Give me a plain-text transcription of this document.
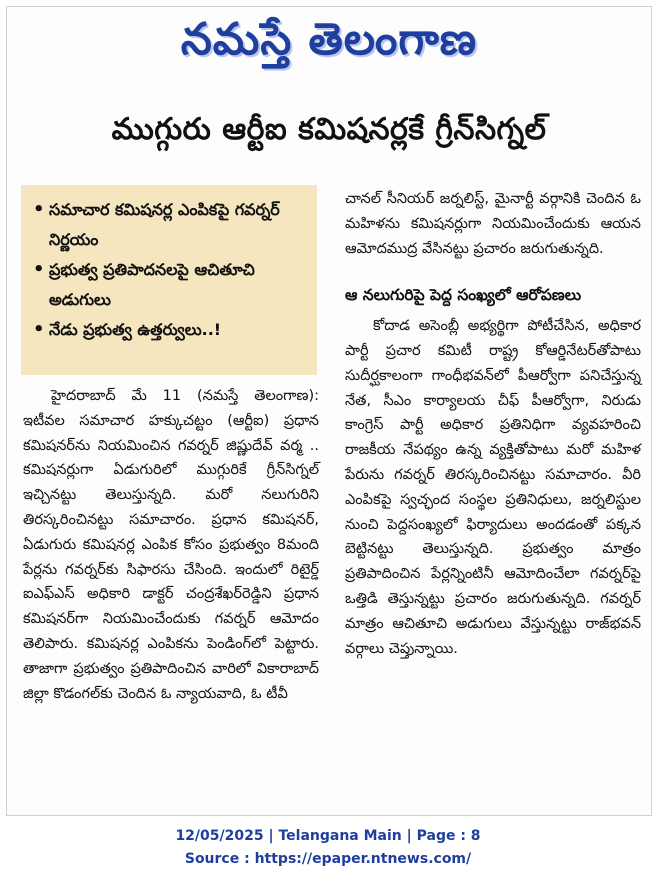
నమస్తే తెలంగాణ
ముగ్గురు ఆర్టీఐ కమిషనర్లకే గ్రీన్‌సిగ్నల్
• సమాచార కమిషనర్ల ఎంపికపై గవర్నర్ నిర్ణయం
• ప్రభుత్వ ప్రతిపాదనలపై ఆచితూచి అడుగులు
• నేడు ప్రభుత్వ ఉత్తర్వులు..!

హైదరాబాద్ మే 11 (నమస్తే తెలంగాణ): ఇటీవల సమాచార హక్కుచట్టం (ఆర్టీఐ) ప్రధాన కమిషనర్‌ను నియమించిన గవర్నర్ జిష్ణుదేవ్ వర్మ .. కమిషనర్లుగా ఏడుగురిలో ముగ్గురికే గ్రీన్‌సిగ్నల్ ఇచ్చినట్టు తెలుస్తున్నది. మరో నలుగురిని తిరస్కరించినట్టు సమాచారం. ప్రధాన కమిషనర్, ఏడుగురు కమిషనర్ల ఎంపిక కోసం ప్రభుత్వం 8మంది పేర్లను గవర్నర్‌కు సిఫారసు చేసింది. ఇందులో రిటైర్డ్ ఐఎఫ్‌ఎస్ అధికారి డాక్టర్ చంద్రశేఖర్‌రెడ్డిని ప్రధాన కమిషనర్‌గా నియమించేందుకు గవర్నర్ ఆమోదం తెలిపారు. కమిషనర్ల ఎంపికను పెండింగ్‌లో పెట్టారు. తాజాగా ప్రభుత్వం ప్రతిపాదించిన వారిలో వికారాబాద్ జిల్లా కొడంగల్‌కు చెందిన ఓ న్యాయవాది, ఓ టీవీ

చానల్ సీనియర్ జర్నలిస్ట్, మైనార్టీ వర్గానికి చెందిన ఓ మహిళను కమిషనర్లుగా నియమించేందుకు ఆయన ఆమోదముద్ర వేసినట్టు ప్రచారం జరుగుతున్నది.

ఆ నలుగురిపై పెద్ద సంఖ్యలో ఆరోపణలు

కోదాడ అసెంబ్లీ అభ్యర్థిగా పోటీచేసిన, అధికార పార్టీ ప్రచార కమిటీ రాష్ట్ర కోఆర్డినేటర్‌తోపాటు సుదీర్ఘకాలంగా గాంధీభవన్‌లో పీఆర్వోగా పనిచేస్తున్న నేత, సీఎం కార్యాలయ చీఫ్ పీఆర్వోగా, నిరుడు కాంగ్రెస్ పార్టీ అధికార ప్రతినిధిగా వ్యవహరించి రాజకీయ నేపథ్యం ఉన్న వ్యక్తితోపాటు మరో మహిళ పేరును గవర్నర్ తిరస్కరించినట్టు సమాచారం. వీరి ఎంపికపై స్వచ్ఛంద సంస్థల ప్రతినిధులు, జర్నలిస్టుల నుంచి పెద్దసంఖ్యలో ఫిర్యాదులు అందడంతో పక్కన బెట్టినట్టు తెలుస్తున్నది. ప్రభుత్వం మాత్రం ప్రతిపాదించిన పేర్లన్నింటినీ ఆమోదించేలా గవర్నర్‌పై ఒత్తిడి తెస్తున్నట్టు ప్రచారం జరుగుతున్నది. గవర్నర్ మాత్రం ఆచితూచి అడుగులు వేస్తున్నట్టు రాజ్‌భవన్ వర్గాలు చెప్తున్నాయి.

12/05/2025 | Telangana Main | Page : 8
Source : https://epaper.ntnews.com/
